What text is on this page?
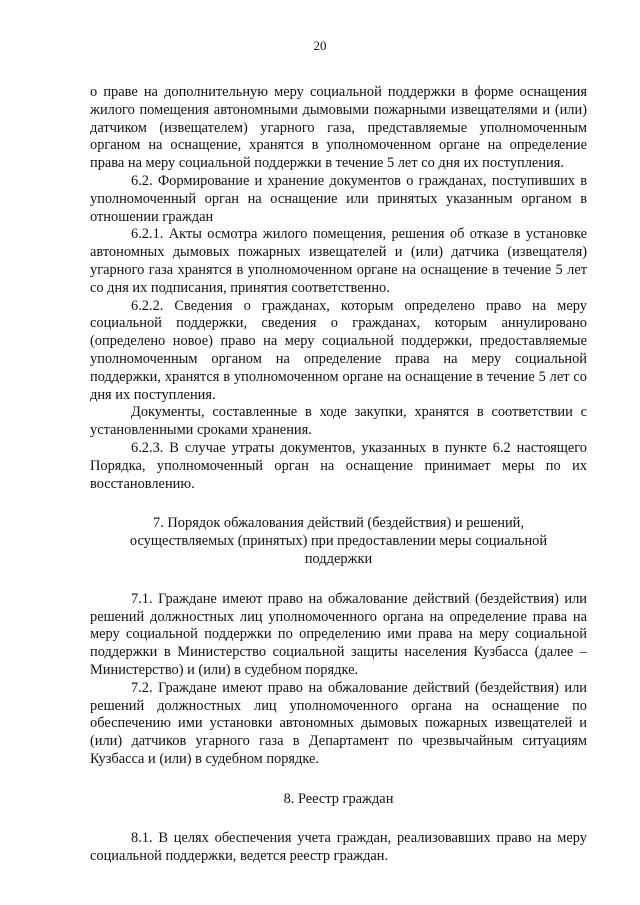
20

о праве на дополнительную меру социальной поддержки в форме оснащения жилого помещения автономными дымовыми пожарными извещателями и (или) датчиком (извещателем) угарного газа, представляемые уполномоченным органом на оснащение, хранятся в уполномоченном органе на определение права на меру социальной поддержки в течение 5 лет со дня их поступления.

6.2. Формирование и хранение документов о гражданах, поступивших в уполномоченный орган на оснащение или принятых указанным органом в отношении граждан

6.2.1. Акты осмотра жилого помещения, решения об отказе в установке автономных дымовых пожарных извещателей и (или) датчика (извещателя) угарного газа хранятся в уполномоченном органе на оснащение в течение 5 лет со дня их подписания, принятия соответственно.

6.2.2. Сведения о гражданах, которым определено право на меру социальной поддержки, сведения о гражданах, которым аннулировано (определено новое) право на меру социальной поддержки, предоставляемые уполномоченным органом на определение права на меру социальной поддержки, хранятся в уполномоченном органе на оснащение в течение 5 лет со дня их поступления.

Документы, составленные в ходе закупки, хранятся в соответствии с установленными сроками хранения.

6.2.3. В случае утраты документов, указанных в пункте 6.2 настоящего Порядка, уполномоченный орган на оснащение принимает меры по их восстановлению.

7. Порядок обжалования действий (бездействия) и решений, осуществляемых (принятых) при предоставлении меры социальной поддержки

7.1. Граждане имеют право на обжалование действий (бездействия) или решений должностных лиц уполномоченного органа на определение права на меру социальной поддержки по определению ими права на меру социальной поддержки в Министерство социальной защиты населения Кузбасса (далее – Министерство) и (или) в судебном порядке.

7.2. Граждане имеют право на обжалование действий (бездействия) или решений должностных лиц уполномоченного органа на оснащение по обеспечению ими установки автономных дымовых пожарных извещателей и (или) датчиков угарного газа в Департамент по чрезвычайным ситуациям Кузбасса и (или) в судебном порядке.

8. Реестр граждан

8.1. В целях обеспечения учета граждан, реализовавших право на меру социальной поддержки, ведется реестр граждан.
